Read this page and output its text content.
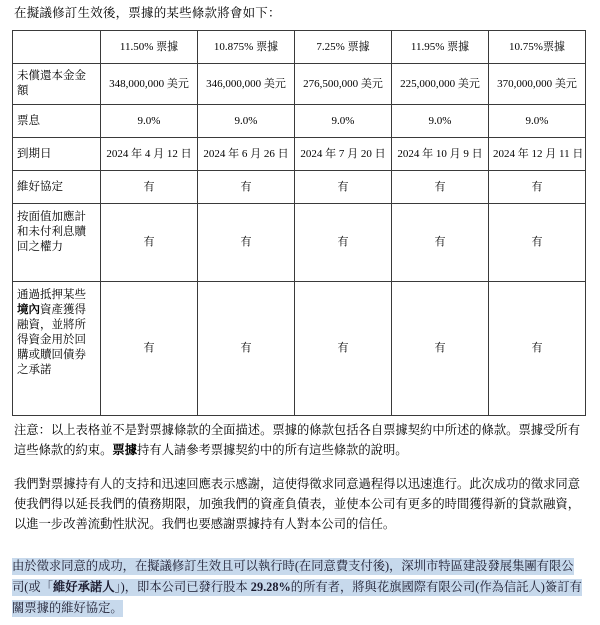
在擬議修訂生效後，票據的某些條款將會如下：
	11.50% 票據	10.875% 票據	7.25% 票據	11.95% 票據	10.75%票據
未償還本金金額	348,000,000 美元	346,000,000 美元	276,500,000 美元	225,000,000 美元	370,000,000 美元
票息	9.0%	9.0%	9.0%	9.0%	9.0%
到期日	2024 年 4 月 12 日	2024 年 6 月 26 日	2024 年 7 月 20 日	2024 年 10 月 9 日	2024 年 12 月 11 日
維好協定	有	有	有	有	有
按面值加應計和未付利息贖回之權力	有	有	有	有	有
通過抵押某些境內資產獲得融資，並將所得資金用於回購或贖回債券之承諾	有	有	有	有	有
注意：以上表格並不是對票據條款的全面描述。票據的條款包括各自票據契約中所述的條款。票據受所有這些條款的約束。票據持有人請參考票據契約中的所有這些條款的說明。
我們對票據持有人的支持和迅速回應表示感謝，這使得徵求同意過程得以迅速進行。此次成功的徵求同意使我們得以延長我們的債務期限，加強我們的資產負債表，並使本公司有更多的時間獲得新的貸款融資，以進一步改善流動性狀況。我們也要感謝票據持有人對本公司的信任。
由於徵求同意的成功，在擬議修訂生效且可以執行時(在同意費支付後)，深圳市特區建設發展集團有限公司(或「維好承諾人」)，即本公司已發行股本 29.28%的所有者，將與花旗國際有限公司(作為信託人)簽訂有關票據的維好協定。
